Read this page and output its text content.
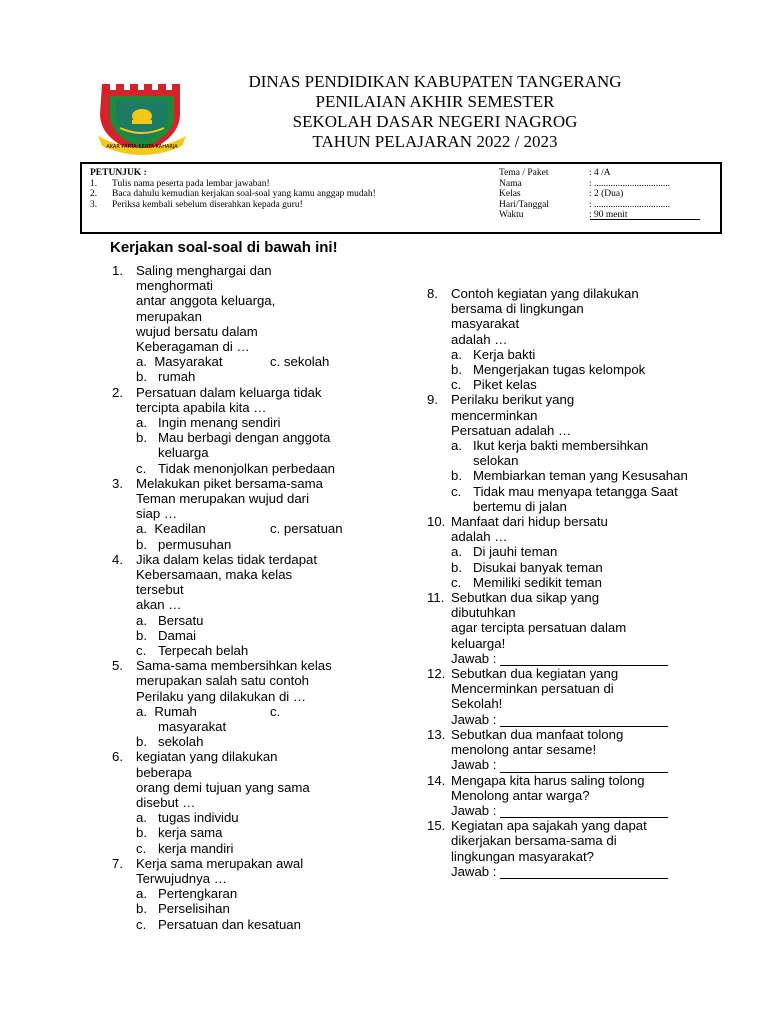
AKAR PARTA KERTA RAHARJA
DINAS PENDIDIKAN KABUPATEN TANGERANG
PENILAIAN AKHIR SEMESTER
SEKOLAH DASAR NEGERI NAGROG
TAHUN PELAJARAN 2022 / 2023
PETUNJUK :
1. Tulis nama peserta pada lembar jawaban!
2. Baca dahulu kemudian kerjakan soal-soal yang kamu anggap mudah!
3. Periksa kembali sebelum diserahkan kepada guru!
Tema / Paket	: 4 /A
Nama	: ................................
Kelas	: 2 (Dua)
Hari/Tanggal	: ................................
Waktu	: 90 menit
Kerjakan soal-soal di bawah ini!
1. Saling menghargai dan
menghormati
antar anggota keluarga,
merupakan
wujud bersatu dalam
Keberagaman di …
a.  Masyarakat	c. sekolah
b. rumah
2. Persatuan dalam keluarga tidak
tercipta apabila kita …
a. Ingin menang sendiri
b. Mau berbagi dengan anggota keluarga
c. Tidak menonjolkan perbedaan
3. Melakukan piket bersama-sama
Teman merupakan wujud dari
siap …
a.  Keadilan	c. persatuan
b. permusuhan
4. Jika dalam kelas tidak terdapat
Kebersamaan, maka kelas
tersebut
akan …
a. Bersatu
b. Damai
c. Terpecah belah
5. Sama-sama membersihkan kelas
merupakan salah satu contoh
Perilaku yang dilakukan di …
a.  Rumah	c.
masyarakat
b. sekolah
6. kegiatan yang dilakukan
beberapa
orang demi tujuan yang sama
disebut …
a. tugas individu
b. kerja sama
c. kerja mandiri
7. Kerja sama merupakan awal
Terwujudnya …
a. Pertengkaran
b. Perselisihan
c. Persatuan dan kesatuan
8. Contoh kegiatan yang dilakukan
bersama di lingkungan
masyarakat
adalah …
a. Kerja bakti
b. Mengerjakan tugas kelompok
c. Piket kelas
9. Perilaku berikut yang
mencerminkan
Persatuan adalah …
a. Ikut kerja bakti membersihkan selokan
b. Membiarkan teman yang Kesusahan
c. Tidak mau menyapa tetangga Saat bertemu di jalan
10. Manfaat dari hidup bersatu
adalah …
a. Di jauhi teman
b. Disukai banyak teman
c. Memiliki sedikit teman
11. Sebutkan dua sikap yang
dibutuhkan
agar tercipta persatuan dalam
keluarga!
Jawab :
12. Sebutkan dua kegiatan yang
Mencerminkan persatuan di
Sekolah!
Jawab :
13. Sebutkan dua manfaat tolong
menolong antar sesame!
Jawab :
14. Mengapa kita harus saling tolong
Menolong antar warga?
Jawab :
15. Kegiatan apa sajakah yang dapat
dikerjakan bersama-sama di
lingkungan masyarakat?
Jawab :
